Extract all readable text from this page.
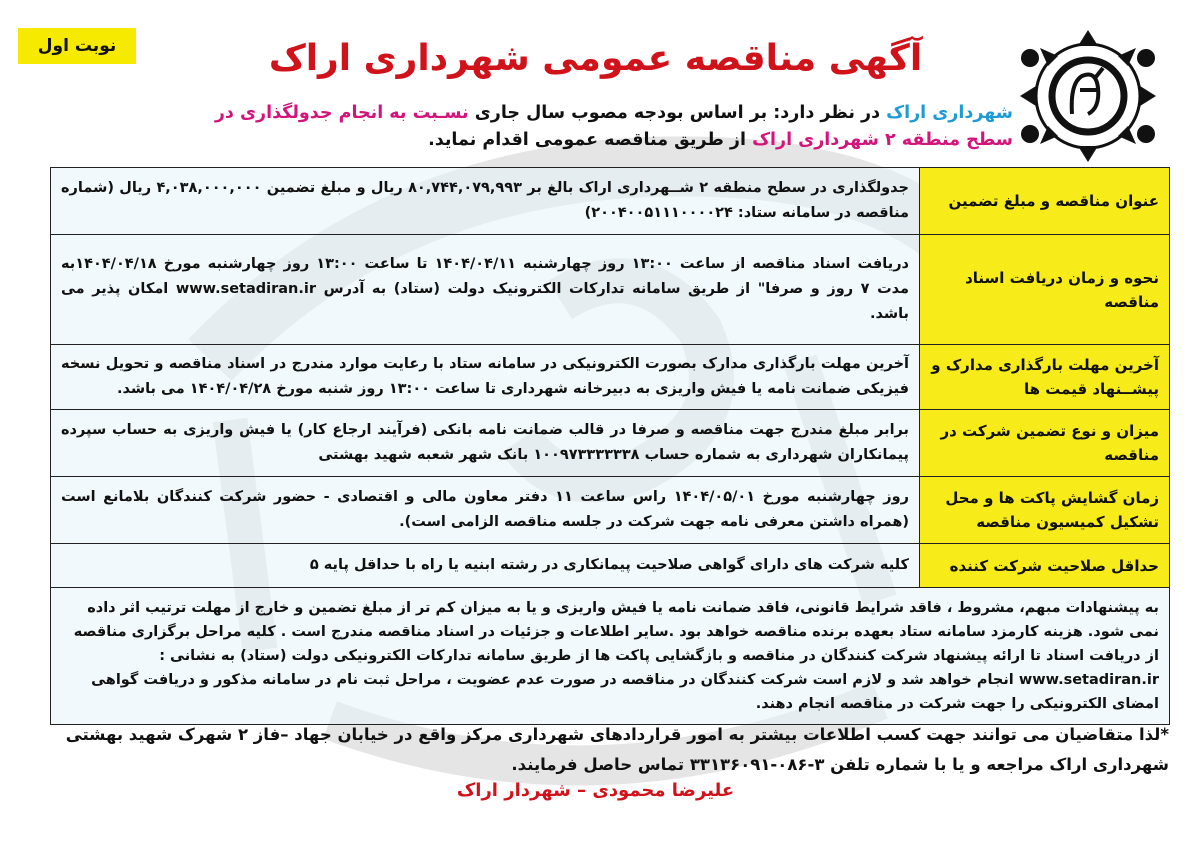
نوبت اول	آگهی مناقصه عمومی شهرداری اراک
شهرداری اراک در نظر دارد: بر اساس بودجه مصوب سال جاری نسـبت به انجام جدولگذاری در سطح منطقه ۲ شهرداری اراک از طریق مناقصه عمومی اقدام نماید.
عنوان مناقصه و مبلغ تضمین	جدولگذاری در سطح منطقه ۲ شــهرداری اراک بالغ بر ۸۰,۷۴۴,۰۷۹,۹۹۳ ریال و مبلغ تضمین ۴,۰۳۸,۰۰۰,۰۰۰ ریال (شماره مناقصه در سامانه ستاد: ۲۰۰۴۰۰۵۱۱۱۰۰۰۰۲۴)
نحوه و زمان دریافت اسناد مناقصه	دریافت اسناد مناقصه از ساعت ۱۳:۰۰ روز چهارشنبه ۱۴۰۴/۰۴/۱۱ تا ساعت ۱۳:۰۰ روز چهارشنبه مورخ ۱۴۰۴/۰۴/۱۸به مدت ۷ روز و صرفا" از طریق سامانه تدارکات الکترونیک دولت (ستاد) به آدرس www.setadiran.ir امکان پذیر می باشد.
آخرین مهلت بارگذاری مدارک و پیشــنهاد قیمت ها	آخرین مهلت بارگذاری مدارک بصورت الکترونیکی در سامانه ستاد با رعایت موارد مندرج در اسناد مناقصه و تحویل نسخه فیزیکی ضمانت نامه یا فیش واریزی به دبیرخانه شهرداری تا ساعت ۱۳:۰۰ روز شنبه مورخ ۱۴۰۴/۰۴/۲۸ می باشد.
میزان و نوع تضمین شرکت در مناقصه	برابر مبلغ مندرج جهت مناقصه و صرفا در قالب ضمانت نامه بانکی (فرآیند ارجاع کار) یا فیش واریزی به حساب سپرده پیمانکاران شهرداری به شماره حساب ۱۰۰۹۷۳۳۳۳۳۳۸ بانک شهر شعبه شهید بهشتی
زمان گشایش پاکت ها و محل تشکیل کمیسیون مناقصه	روز چهارشنبه مورخ ۱۴۰۴/۰۵/۰۱ راس ساعت ۱۱ دفتر معاون مالی و اقتصادی - حضور شرکت کنندگان بلامانع است (همراه داشتن معرفی نامه جهت شرکت در جلسه مناقصه الزامی است).
حداقل صلاحیت شرکت کننده	کلیه شرکت های دارای گواهی صلاحیت پیمانکاری در رشته ابنیه یا راه با حداقل پایه ۵
به پیشنهادات مبهم، مشروط ، فاقد شرایط قانونی، فاقد ضمانت نامه یا فیش واریزی و یا به میزان کم تر از مبلغ تضمین و خارج از مهلت ترتیب اثر داده نمی شود. هزینه کارمزد سامانه ستاد بعهده برنده مناقصه خواهد بود .سایر اطلاعات و جزئیات در اسناد مناقصه مندرج است . کلیه مراحل برگزاری مناقصه از دریافت اسناد تا ارائه پیشنهاد شرکت کنندگان در مناقصه و بازگشایی پاکت ها از طریق سامانه تدارکات الکترونیکی دولت (ستاد) به نشانی : www.setadiran.ir انجام خواهد شد و لازم است شرکت کنندگان در مناقصه در صورت عدم عضویت ، مراحل ثبت نام در سامانه مذکور و دریافت گواهی امضای الکترونیکی را جهت شرکت در مناقصه انجام دهند.	
*لذا متقاضیان می توانند جهت کسب اطلاعات بیشتر به امور قراردادهای شهرداری مرکز واقع در خیابان جهاد –فاز ۲ شهرک شهید بهشتی شهرداری اراک مراجعه و یا با شماره تلفن ۳-۰۸۶-۳۳۱۳۶۰۹۱ تماس حاصل فرمایند.
علیرضا محمودی – شهردار اراک
